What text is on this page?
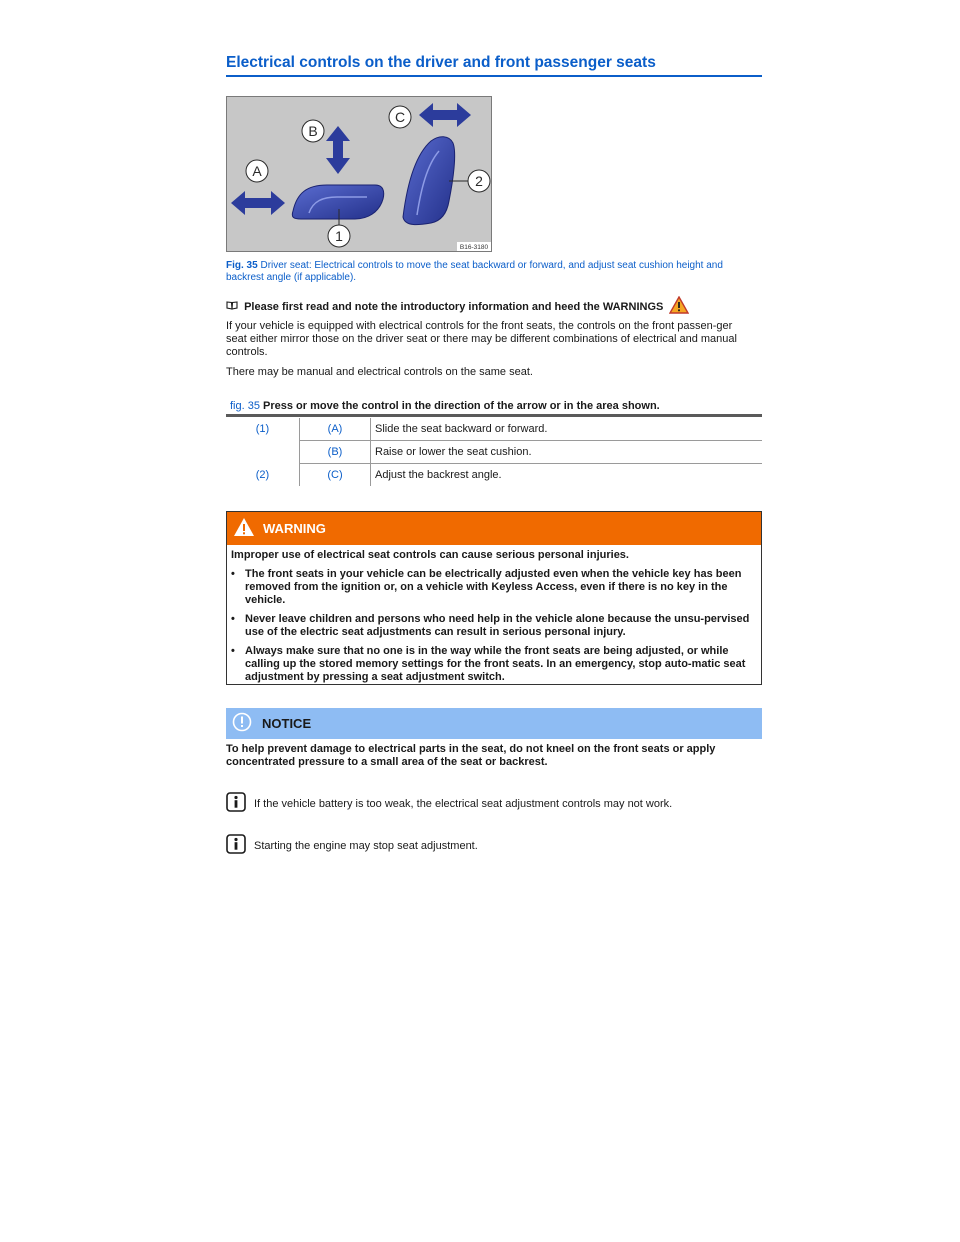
Electrical controls on the driver and front passenger seats
A
B
C
1
2
B16-3180
Fig. 35 Driver seat: Electrical controls to move the seat backward or forward, and adjust seat cushion height and backrest angle (if applicable).
Please first read and note the introductory information and heed the WARNINGS
If your vehicle is equipped with electrical controls for the front seats, the controls on the front passen-ger seat either mirror those on the driver seat or there may be different combinations of electrical and manual controls.
There may be manual and electrical controls on the same seat.
fig. 35 Press or move the control in the direction of the arrow or in the area shown.
(1)	(A)	Slide the seat backward or forward.
	(B)	Raise or lower the seat cushion.
(2)	(C)	Adjust the backrest angle.
WARNING

Improper use of electrical seat controls can cause serious personal injuries.

• The front seats in your vehicle can be electrically adjusted even when the vehicle key has been removed from the ignition or, on a vehicle with Keyless Access, even if there is no key in the vehicle.
• Never leave children and persons who need help in the vehicle alone because the unsu-pervised use of the electric seat adjustments can result in serious personal injury.
• Always make sure that no one is in the way while the front seats are being adjusted, or while calling up the stored memory settings for the front seats. In an emergency, stop auto-matic seat adjustment by pressing a seat adjustment switch.
NOTICE
To help prevent damage to electrical parts in the seat, do not kneel on the front seats or apply concentrated pressure to a small area of the seat or backrest.
If the vehicle battery is too weak, the electrical seat adjustment controls may not work.
Starting the engine may stop seat adjustment.
